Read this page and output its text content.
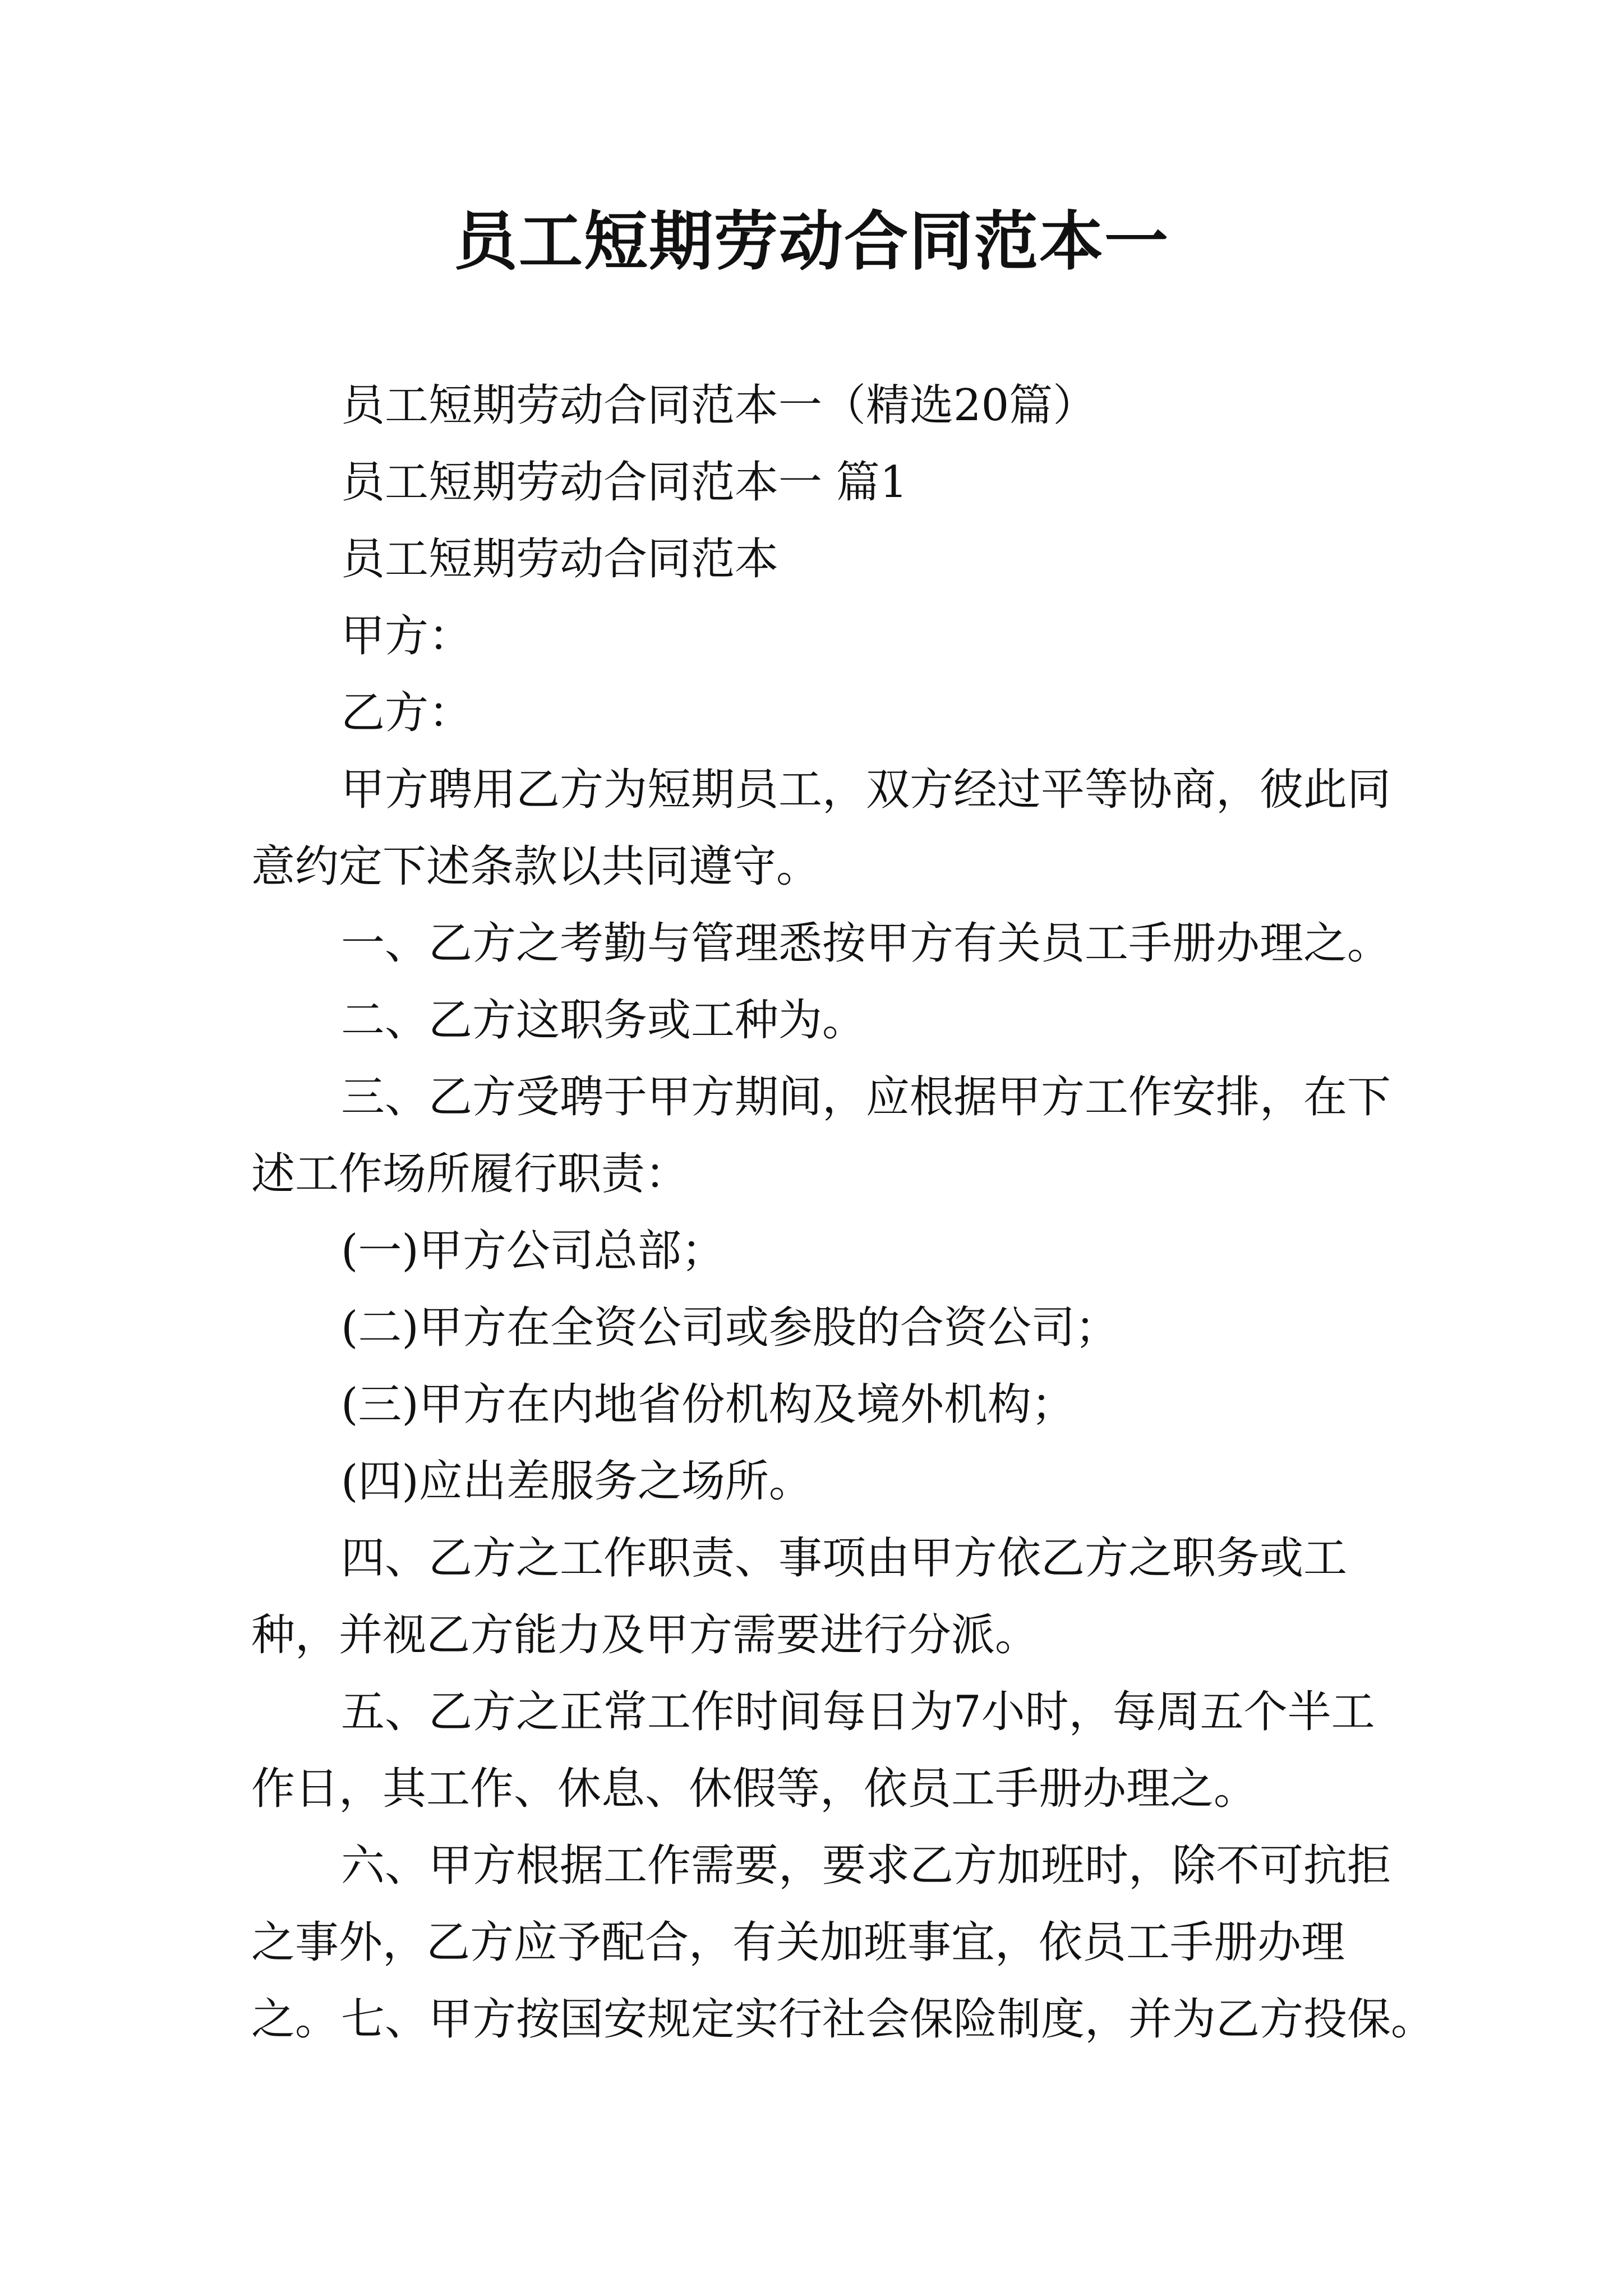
员工短期劳动合同范本一
员工短期劳动合同范本一（精选20篇）
员工短期劳动合同范本一 篇1
员工短期劳动合同范本
甲方：
乙方：
甲方聘用乙方为短期员工，双方经过平等协商，彼此同意约定下述条款以共同遵守。
一、乙方之考勤与管理悉按甲方有关员工手册办理之。
二、乙方这职务或工种为。
三、乙方受聘于甲方期间，应根据甲方工作安排，在下述工作场所履行职责：
(一)甲方公司总部；
(二)甲方在全资公司或参股的合资公司；
(三)甲方在内地省份机构及境外机构；
(四)应出差服务之场所。
四、乙方之工作职责、事项由甲方依乙方之职务或工种，并视乙方能力及甲方需要进行分派。
五、乙方之正常工作时间每日为7小时，每周五个半工作日，其工作、休息、休假等，依员工手册办理之。
六、甲方根据工作需要，要求乙方加班时，除不可抗拒之事外，乙方应予配合，有关加班事宜，依员工手册办理之。 七、甲方按国安规定实行社会保险制度，并为乙方投保。
